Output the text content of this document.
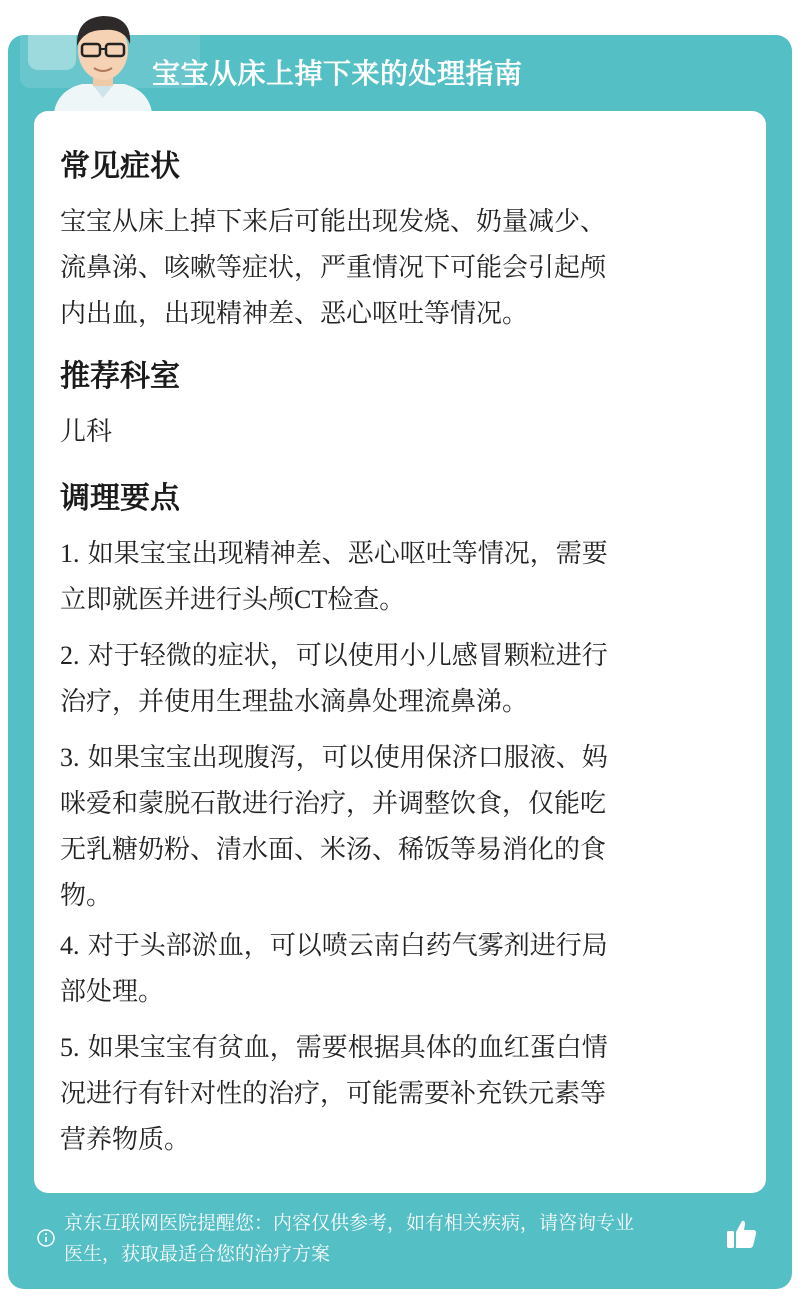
宝宝从床上掉下来的处理指南
常见症状

宝宝从床上掉下来后可能出现发烧、奶量减少、

流鼻涕、咳嗽等症状，严重情况下可能会引起颅

内出血，出现精神差、恶心呕吐等情况。

推荐科室

儿科

调理要点

1. 如果宝宝出现精神差、恶心呕吐等情况，需要

立即就医并进行头颅CT检查。

2. 对于轻微的症状，可以使用小儿感冒颗粒进行

治疗，并使用生理盐水滴鼻处理流鼻涕。

3. 如果宝宝出现腹泻，可以使用保济口服液、妈

咪爱和蒙脱石散进行治疗，并调整饮食，仅能吃

无乳糖奶粉、清水面、米汤、稀饭等易消化的食

物。

4. 对于头部淤血，可以喷云南白药气雾剂进行局

部处理。

5. 如果宝宝有贫血，需要根据具体的血红蛋白情

况进行有针对性的治疗，可能需要补充铁元素等

营养物质。

京东互联网医院提醒您：内容仅供参考，如有相关疾病，请咨询专业
医生，获取最适合您的治疗方案
